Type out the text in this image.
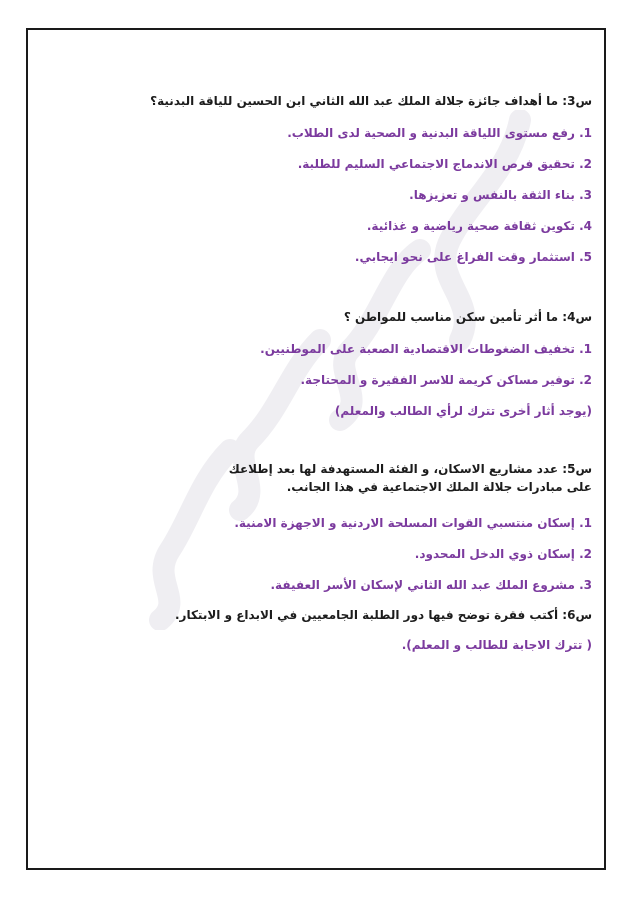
س3: ما أهداف جائزة جلالة الملك عبد الله الثاني ابن الحسين للياقة البدنية؟
1. رفع مستوى اللياقة البدنية و الصحية لدى الطلاب.
2. تحقيق فرص الاندماج الاجتماعي السليم للطلبة.
3. بناء الثقة بالنفس و تعزيزها.
4. تكوين ثقافة صحية رياضية و غذائية.
5. استثمار وقت الفراغ على نحو ايجابي.
س4: ما أثر تأمين سكن مناسب للمواطن ؟
1. تخفيف الضغوطات الاقتصادية الصعبة على الموطنيين.
2. توفير مساكن كريمة للاسر الفقيرة و المحتاجة.
(يوجد أثار أخرى تترك لرأي الطالب والمعلم)
س5: عدد مشاريع الاسكان، و الفئة المستهدفة لها بعد إطلاعك على مبادرات جلالة الملك الاجتماعية في هذا الجانب.
1. إسكان منتسبي القوات المسلحة الاردنية و الاجهزة الامنية.
2. إسكان ذوي الدخل المحدود.
3. مشروع الملك عبد الله الثاني لإسكان الأسر العفيفة.
س6: أكتب فقرة توضح فيها دور الطلبة الجامعيين في الابداع و الابتكار.
( تترك الاجابة للطالب و المعلم).
